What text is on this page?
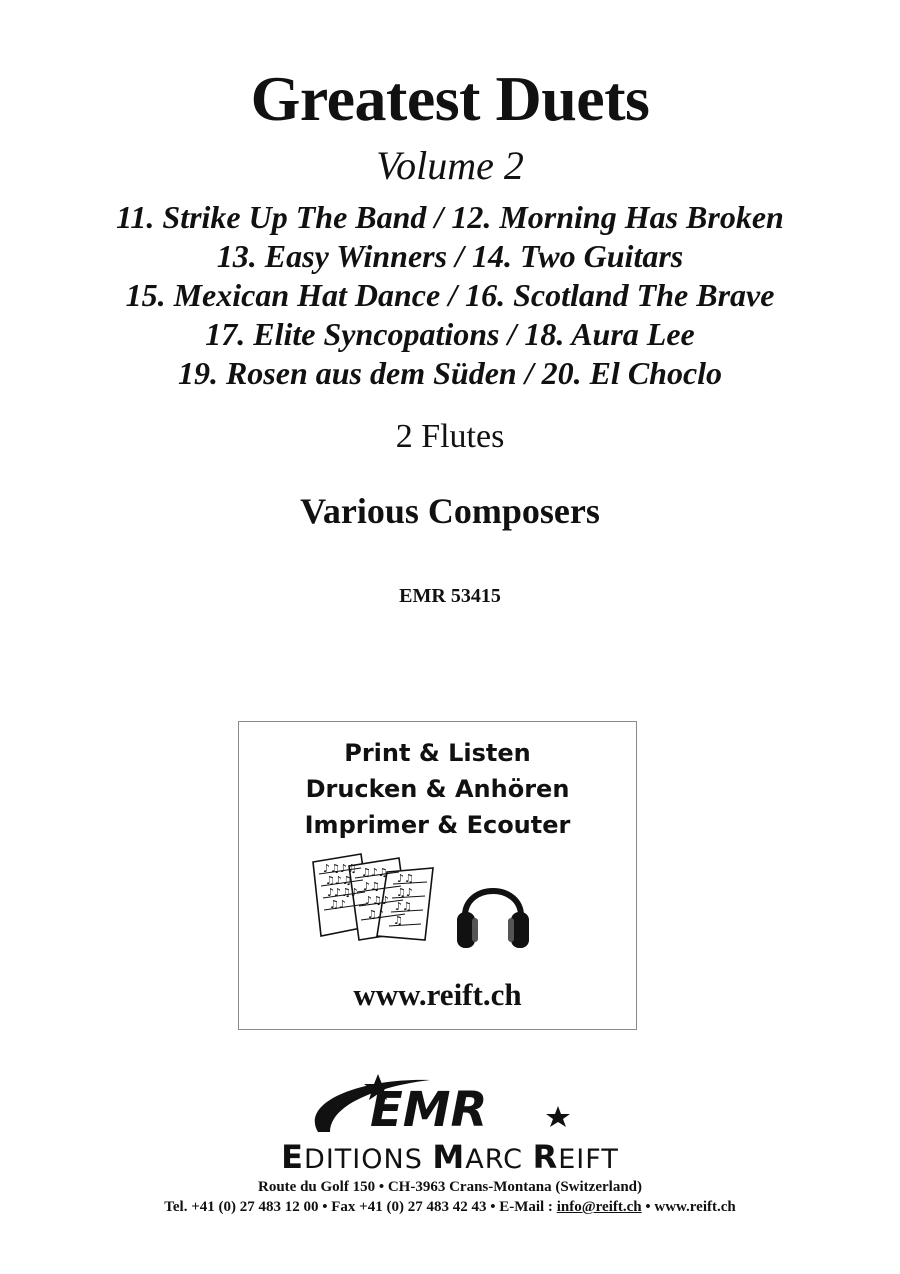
Greatest Duets
Volume 2
11. Strike Up The Band / 12. Morning Has Broken
13. Easy Winners / 14. Two Guitars
15. Mexican Hat Dance / 16. Scotland The Brave
17. Elite Syncopations / 18. Aura Lee
19. Rosen aus dem Süden / 20. El Choclo
2 Flutes
Various Composers
EMR 53415
Print & Listen
Drucken & Anhören
Imprimer & Ecouter
♪♫♪♫
♫♪♫
♪♪♫♪
♫♪
♫♪♫
♪♫
♪♫♪
♫♪
♪♫
♫♪
♪♫
♫
www.reift.ch
EMR
EDITIONS MARC REIFT
Route du Golf 150 • CH-3963 Crans-Montana (Switzerland)
Tel. +41 (0) 27 483 12 00 • Fax +41 (0) 27 483 42 43 • E-Mail : info@reift.ch • www.reift.ch
